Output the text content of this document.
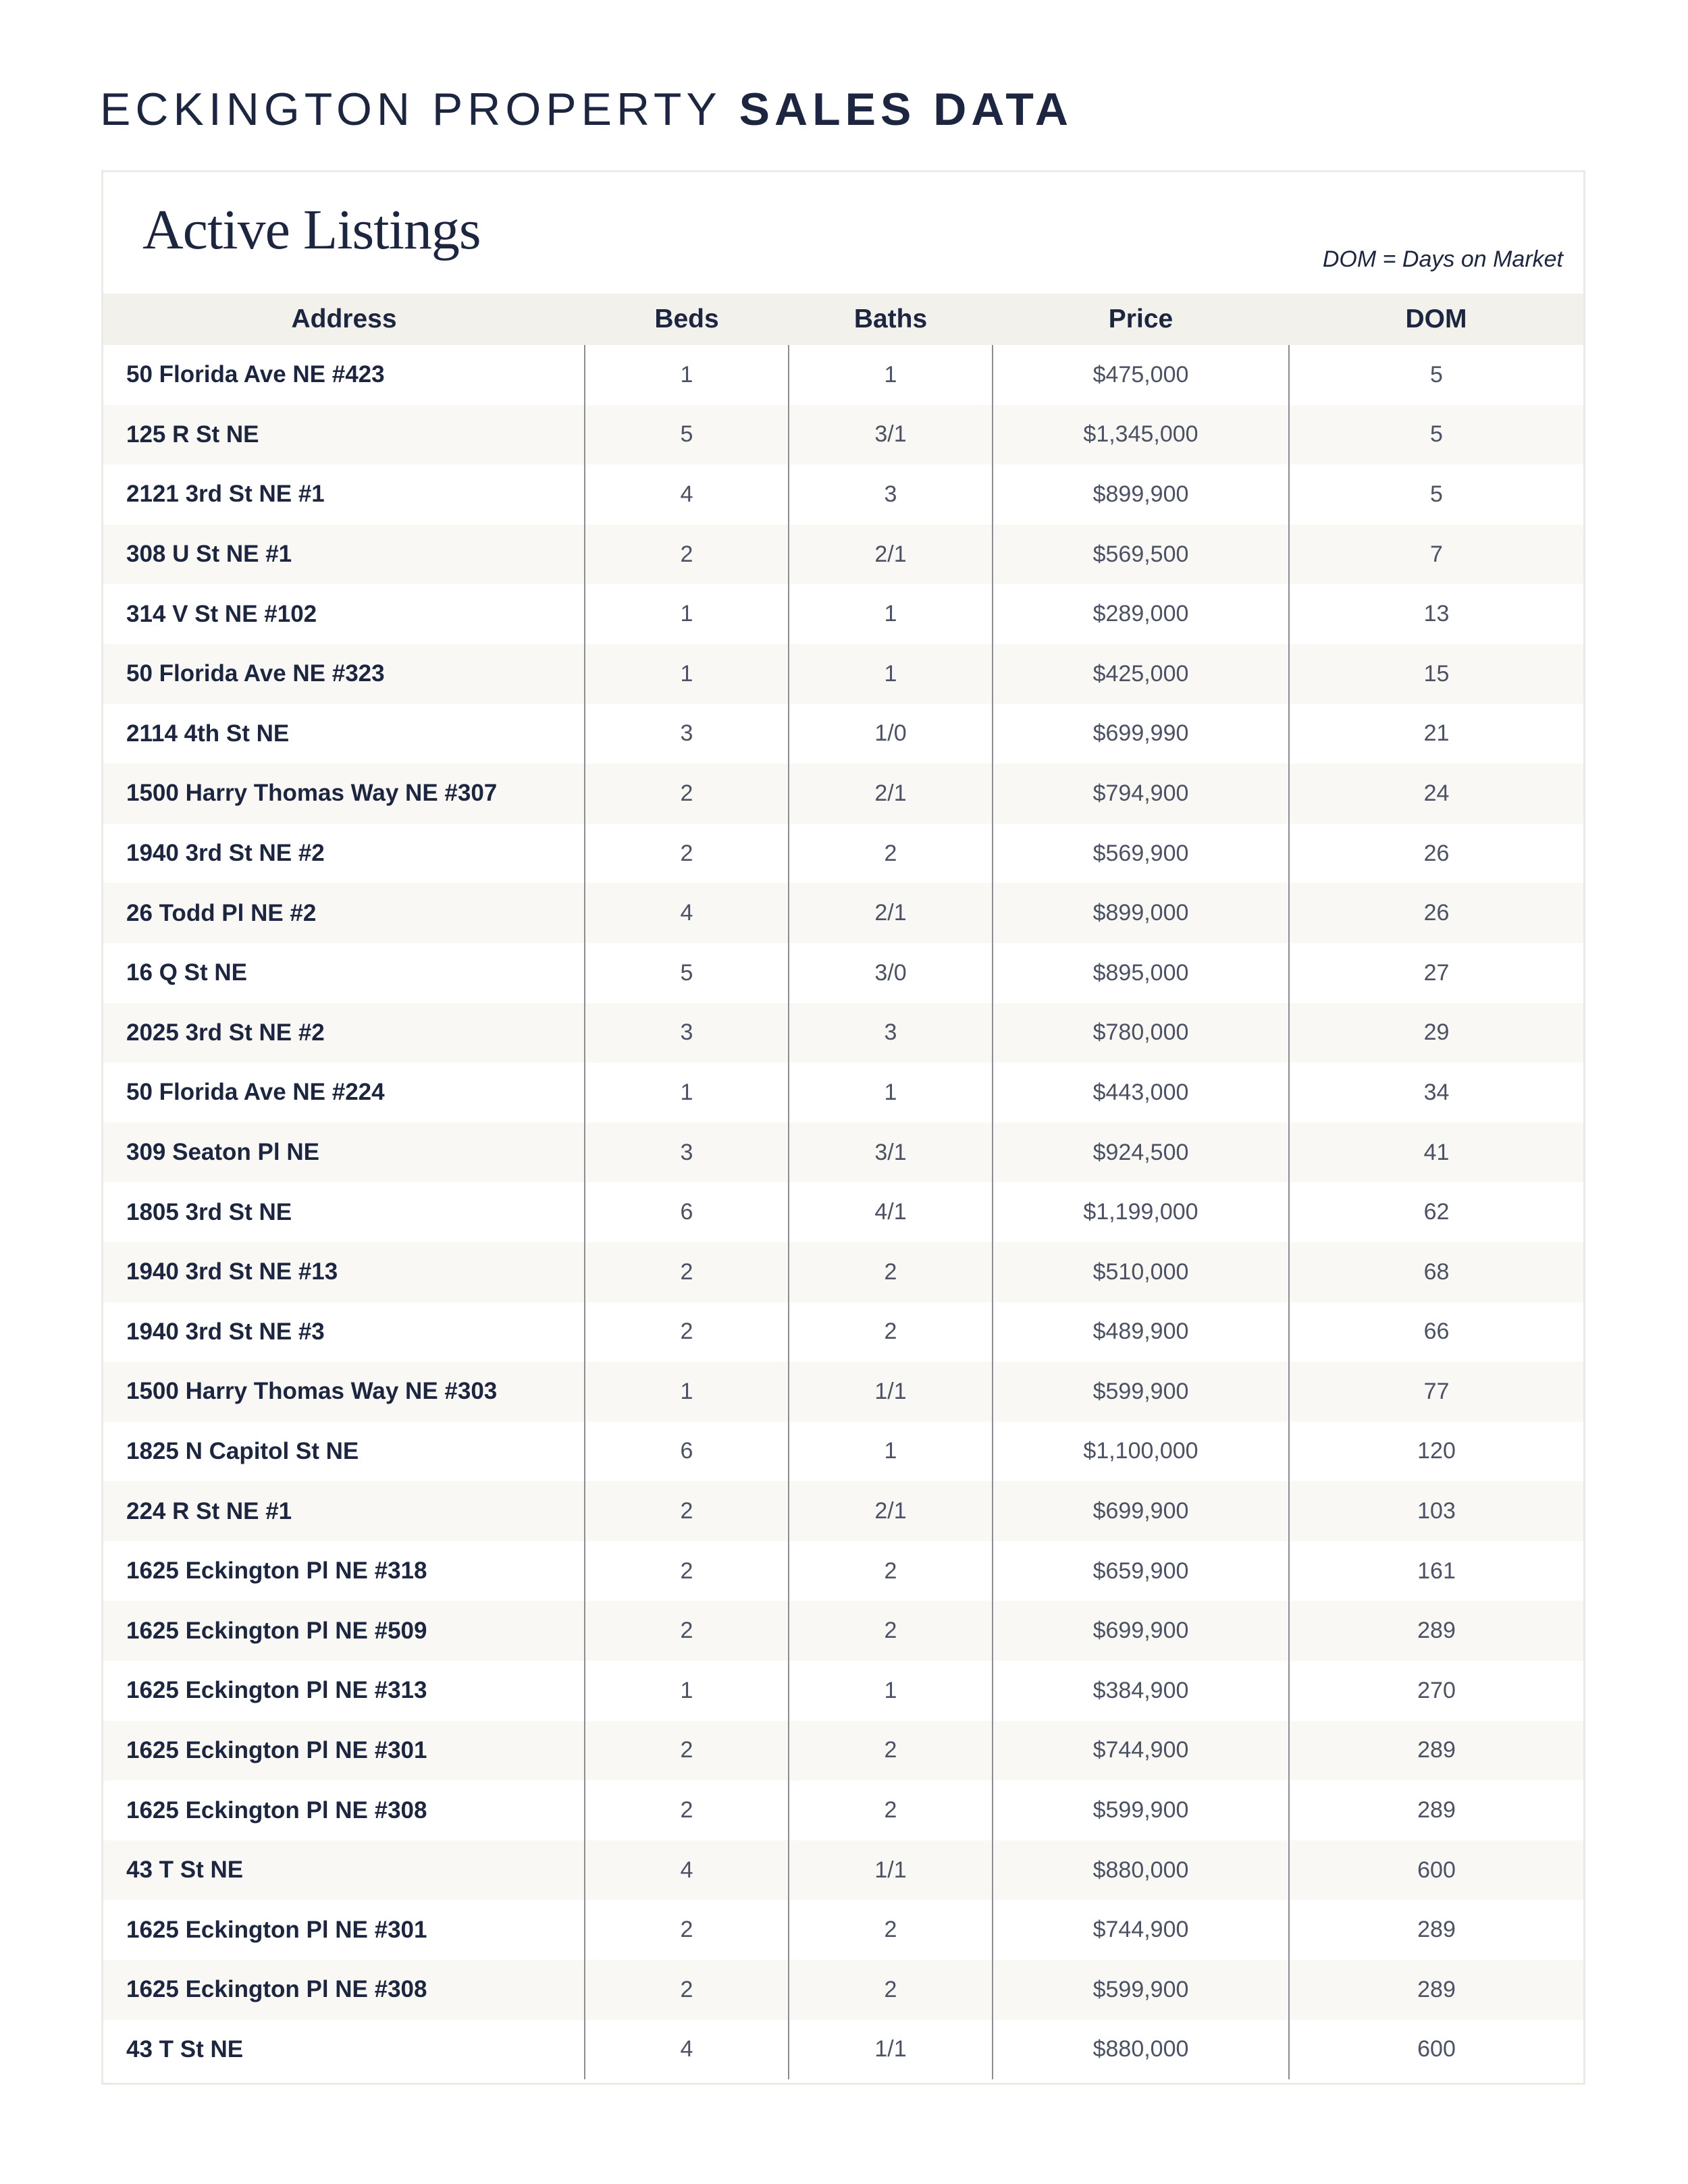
ECKINGTON PROPERTY SALES DATA
Active Listings	DOM = Days on Market
Address	Beds	Baths	Price	DOM
50 Florida Ave NE #423	1	1	$475,000	5
125 R St NE	5	3/1	$1,345,000	5
2121 3rd St NE #1	4	3	$899,900	5
308 U St NE #1	2	2/1	$569,500	7
314 V St NE #102	1	1	$289,000	13
50 Florida Ave NE #323	1	1	$425,000	15
2114 4th St NE	3	1/0	$699,990	21
1500 Harry Thomas Way NE #307	2	2/1	$794,900	24
1940 3rd St NE #2	2	2	$569,900	26
26 Todd Pl NE #2	4	2/1	$899,000	26
16 Q St NE	5	3/0	$895,000	27
2025 3rd St NE #2	3	3	$780,000	29
50 Florida Ave NE #224	1	1	$443,000	34
309 Seaton Pl NE	3	3/1	$924,500	41
1805 3rd St NE	6	4/1	$1,199,000	62
1940 3rd St NE #13	2	2	$510,000	68
1940 3rd St NE #3	2	2	$489,900	66
1500 Harry Thomas Way NE #303	1	1/1	$599,900	77
1825 N Capitol St NE	6	1	$1,100,000	120
224 R St NE #1	2	2/1	$699,900	103
1625 Eckington Pl NE #318	2	2	$659,900	161
1625 Eckington Pl NE #509	2	2	$699,900	289
1625 Eckington Pl NE #313	1	1	$384,900	270
1625 Eckington Pl NE #301	2	2	$744,900	289
1625 Eckington Pl NE #308	2	2	$599,900	289
43 T St NE	4	1/1	$880,000	600
1625 Eckington Pl NE #301	2	2	$744,900	289
1625 Eckington Pl NE #308	2	2	$599,900	289
43 T St NE	4	1/1	$880,000	600
